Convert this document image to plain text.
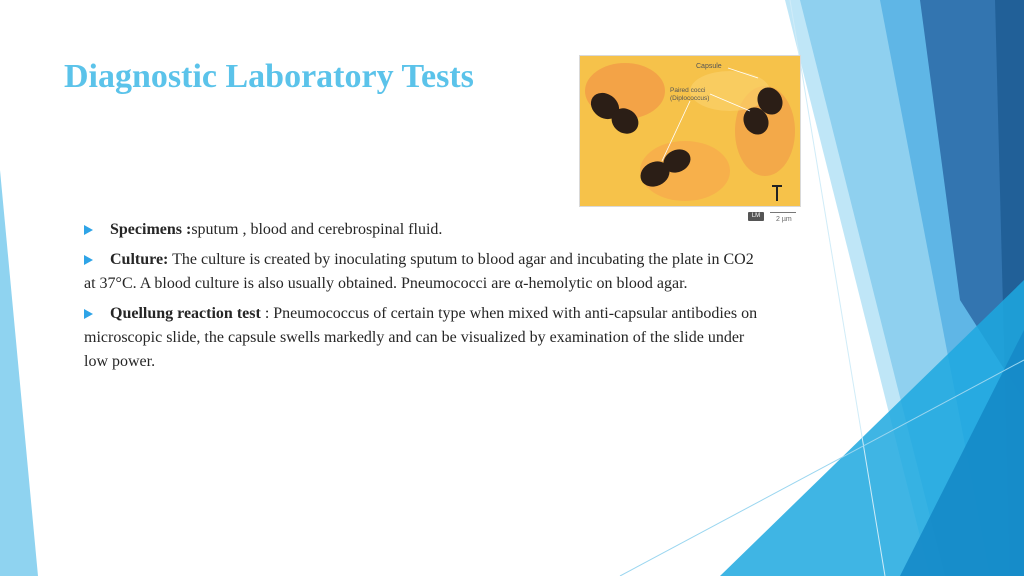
Diagnostic Laboratory Tests	Capsule
Paired cocci
(Diplococcus)
LM	2 µm

Specimens :sputum , blood and cerebrospinal fluid.

Culture: The culture is created by inoculating sputum to blood agar and incubating the plate in CO2 at 37°C. A blood culture is also usually obtained. Pneumococci are α-hemolytic on blood agar.

Quellung reaction test : Pneumococcus of certain type when mixed with anti-capsular antibodies on microscopic slide, the capsule swells markedly and can be visualized by examination of the slide under low power.
